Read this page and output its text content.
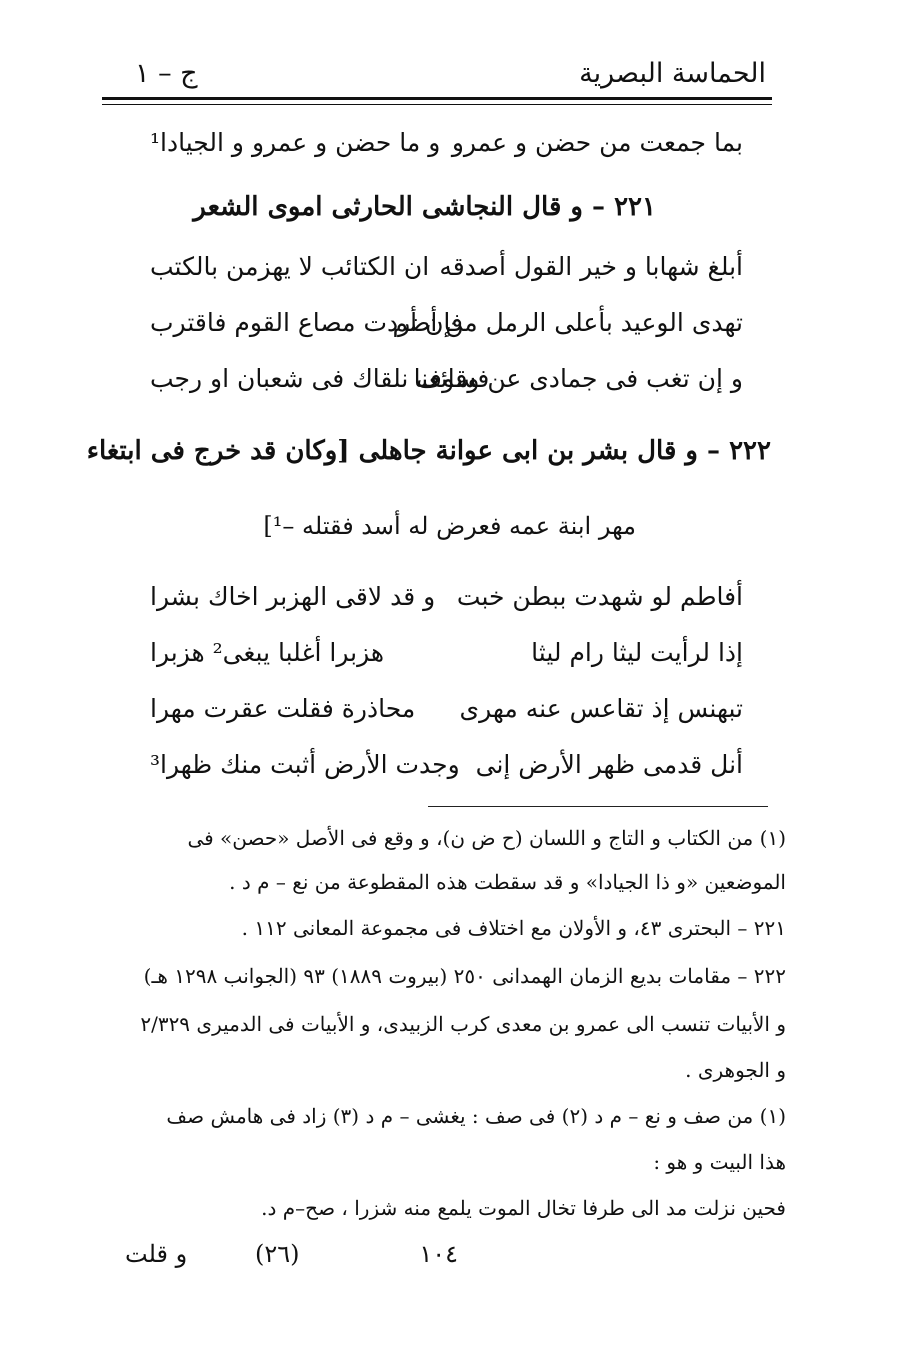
الحماسة البصرية
ج – ١
بما جمعت من حضن و عمرو
و ما حضن و عمرو و الجيادا¹
٢٢١ – و قال النجاشى الحارثى اموى الشعر
أبلغ شهابا و خير القول أصدقه
ان الكتائب لا يهزمن بالكتب
تهدى الوعيد بأعلى الرمل من أضم
فإن أردت مصاع القوم فاقترب
و إن تغب فى جمادى عن وقائعنا
فسوف نلقاك فى شعبان او رجب
٢٢٢ – و قال بشر بن ابى عوانة جاهلى [وكان قد خرج فى ابتغاء
مهر ابنة عمه فعرض له أسد فقتله –¹]
أفاطم لو شهدت ببطن خبت
و قد لاقى الهزبر اخاك بشرا
إذا لرأيت ليثا رام ليثا
هزبرا أغلبا يبغى² هزبرا
تبهنس إذ تقاعس عنه مهرى
محاذرة فقلت عقرت مهرا
أنل قدمى ظهر الأرض إنى
وجدت الأرض أثبت منك ظهرا³
(١) من الكتاب و التاج و اللسان (ح ض ن)، و وقع فى الأصل «حصن» فى
الموضعين «و ذا الجيادا» و قد سقطت هذه المقطوعة من نع – م د .
٢٢١ – البحترى ٤٣، و الأولان مع اختلاف فى مجموعة المعانى ١١٢ .
٢٢٢ – مقامات بديع الزمان الهمدانى ٢٥٠ (بيروت ١٨٨٩) ٩٣ (الجوانب ١٢٩٨ هـ)
و الأبيات تنسب الى عمرو بن معدى كرب الزبيدى، و الأبيات فى الدميرى ٢/٣٢٩
و الجوهرى .
(١) من صف و نع – م د (٢) فى صف : يغشى – م د (٣) زاد فى هامش صف
هذا البيت و هو :
فحين نزلت مد الى طرفا تخال الموت يلمع منه شزرا ، صح–م د.
١٠٤
(٢٦)
و قلت
